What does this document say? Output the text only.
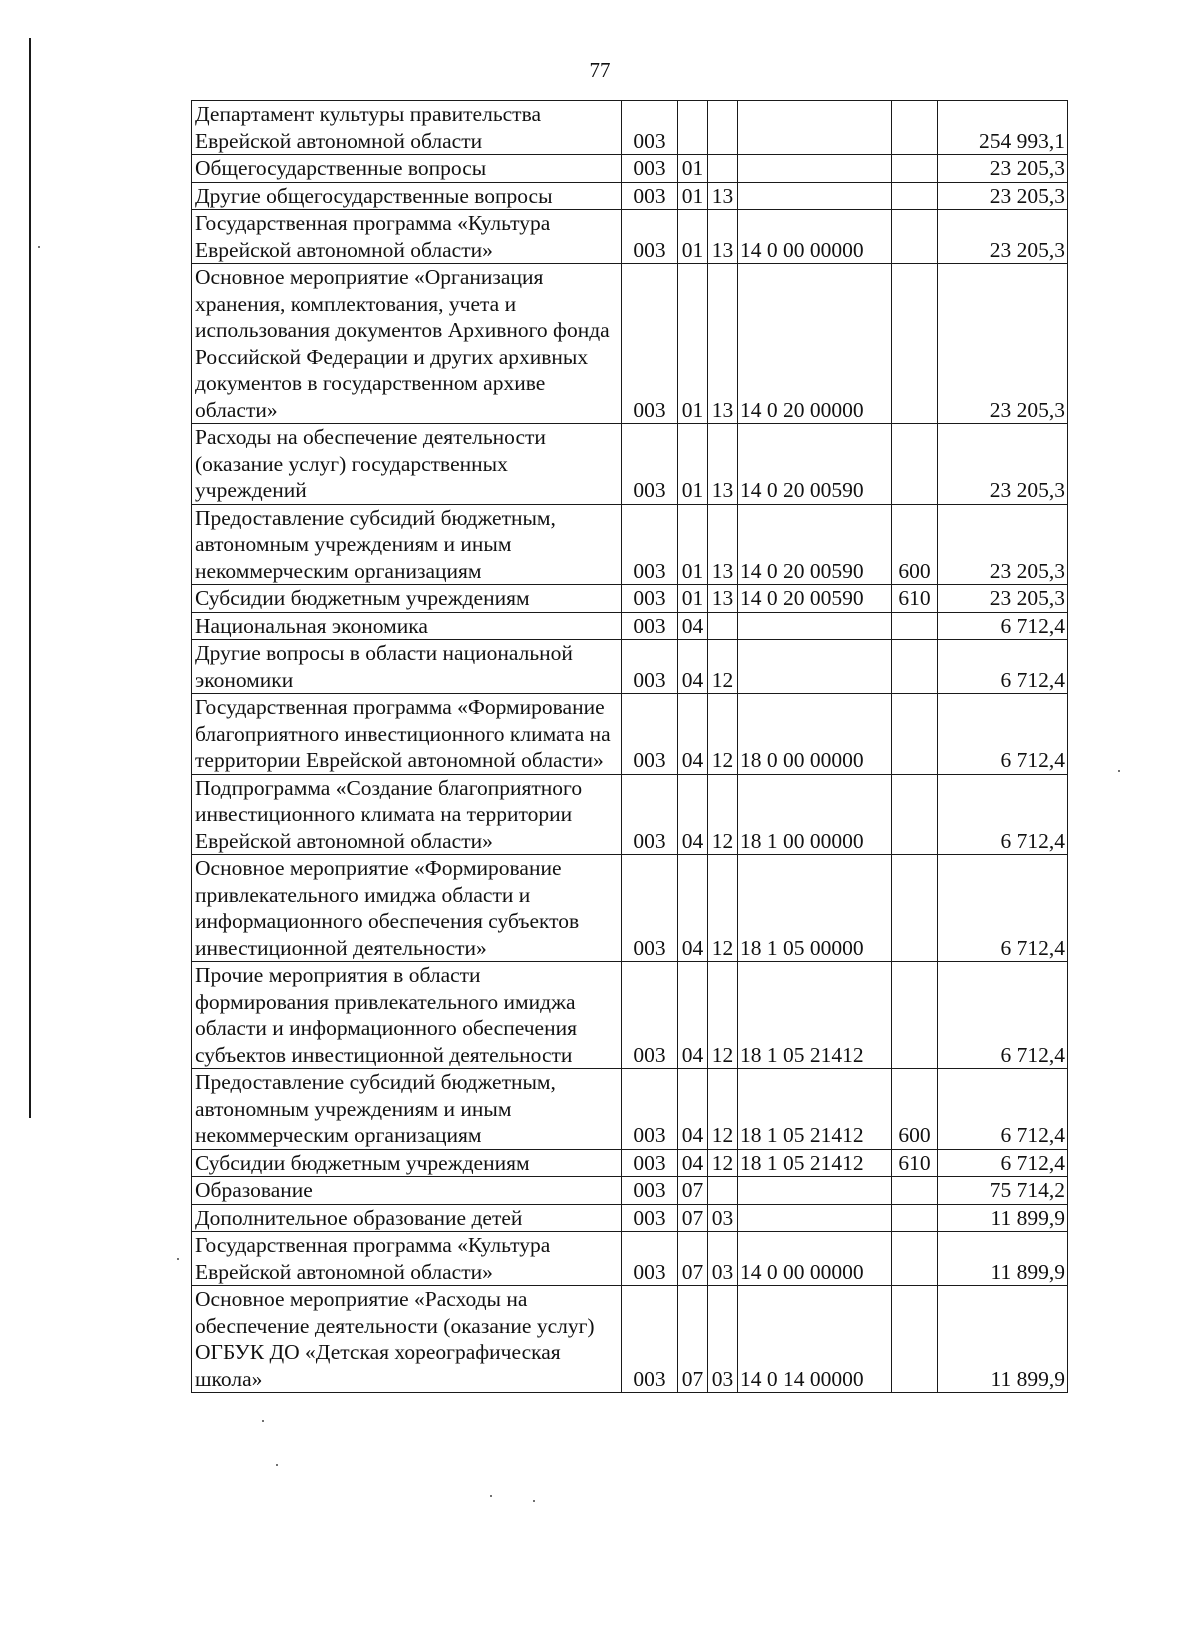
77
Департамент культуры правительства Еврейской автономной области	003					254 993,1
Общегосударственные вопросы	003	01				23 205,3
Другие общегосударственные вопросы	003	01	13			23 205,3
Государственная программа «Культура Еврейской автономной области»	003	01	13	14 0 00 00000		23 205,3
Основное мероприятие «Организация хранения, комплектования, учета и использования документов Архивного фонда Российской Федерации и других архивных документов в государственном архиве области»	003	01	13	14 0 20 00000		23 205,3
Расходы на обеспечение деятельности (оказание услуг) государственных учреждений	003	01	13	14 0 20 00590		23 205,3
Предоставление субсидий бюджетным, автономным учреждениям и иным некоммерческим организациям	003	01	13	14 0 20 00590	600	23 205,3
Субсидии бюджетным учреждениям	003	01	13	14 0 20 00590	610	23 205,3
Национальная экономика	003	04				6 712,4
Другие вопросы в области национальной экономики	003	04	12			6 712,4
Государственная программа «Формирование благоприятного инвестиционного климата на территории Еврейской автономной области»	003	04	12	18 0 00 00000		6 712,4
Подпрограмма «Создание благоприятного инвестиционного климата на территории Еврейской автономной области»	003	04	12	18 1 00 00000		6 712,4
Основное мероприятие «Формирование привлекательного имиджа области и информационного обеспечения субъектов инвестиционной деятельности»	003	04	12	18 1 05 00000		6 712,4
Прочие мероприятия в области формирования привлекательного имиджа области и информационного обеспечения субъектов инвестиционной деятельности	003	04	12	18 1 05 21412		6 712,4
Предоставление субсидий бюджетным, автономным учреждениям и иным некоммерческим организациям	003	04	12	18 1 05 21412	600	6 712,4
Субсидии бюджетным учреждениям	003	04	12	18 1 05 21412	610	6 712,4
Образование	003	07				75 714,2
Дополнительное образование детей	003	07	03			11 899,9
Государственная программа «Культура Еврейской автономной области»	003	07	03	14 0 00 00000		11 899,9
Основное мероприятие «Расходы на обеспечение деятельности (оказание услуг) ОГБУК ДО «Детская хореографическая школа»	003	07	03	14 0 14 00000		11 899,9
